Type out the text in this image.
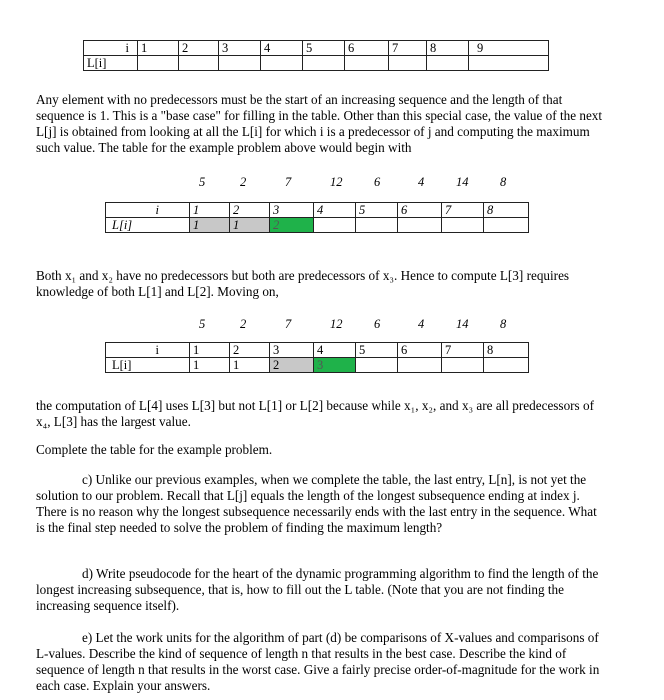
i	1	2	3	4	5	6	7	8	9
L[i]									
Any element with no predecessors must be the start of an increasing sequence and the length of that sequence is 1. This is a "base case" for filling in the table. Other than this special case, the value of the next L[j] is obtained from looking at all the L[i] for which i is a predecessor of j and computing the maximum such value. The table for the example problem above would begin with
5	2	7	12	6	4	14	8
i	1	2	3	4	5	6	7	8
L[i]	1	1	2					
Both x₁ and x₂ have no predecessors but both are predecessors of x₃. Hence to compute L[3] requires knowledge of both L[1] and L[2]. Moving on,
5	2	7	12	6	4	14	8
i	1	2	3	4	5	6	7	8
L[i]	1	1	2	3				
the computation of L[4] uses L[3] but not L[1] or L[2] because while x₁, x₂, and x₃ are all predecessors of x₄, L[3] has the largest value.
Complete the table for the example problem.
c) Unlike our previous examples, when we complete the table, the last entry, L[n], is not yet the solution to our problem. Recall that L[j] equals the length of the longest subsequence ending at index j. There is no reason why the longest subsequence necessarily ends with the last entry in the sequence. What is the final step needed to solve the problem of finding the maximum length?
d) Write pseudocode for the heart of the dynamic programming algorithm to find the length of the longest increasing subsequence, that is, how to fill out the L table. (Note that you are not finding the increasing sequence itself).
e) Let the work units for the algorithm of part (d) be comparisons of X-values and comparisons of L-values. Describe the kind of sequence of length n that results in the best case. Describe the kind of sequence of length n that results in the worst case. Give a fairly precise order-of-magnitude for the work in each case. Explain your answers.
